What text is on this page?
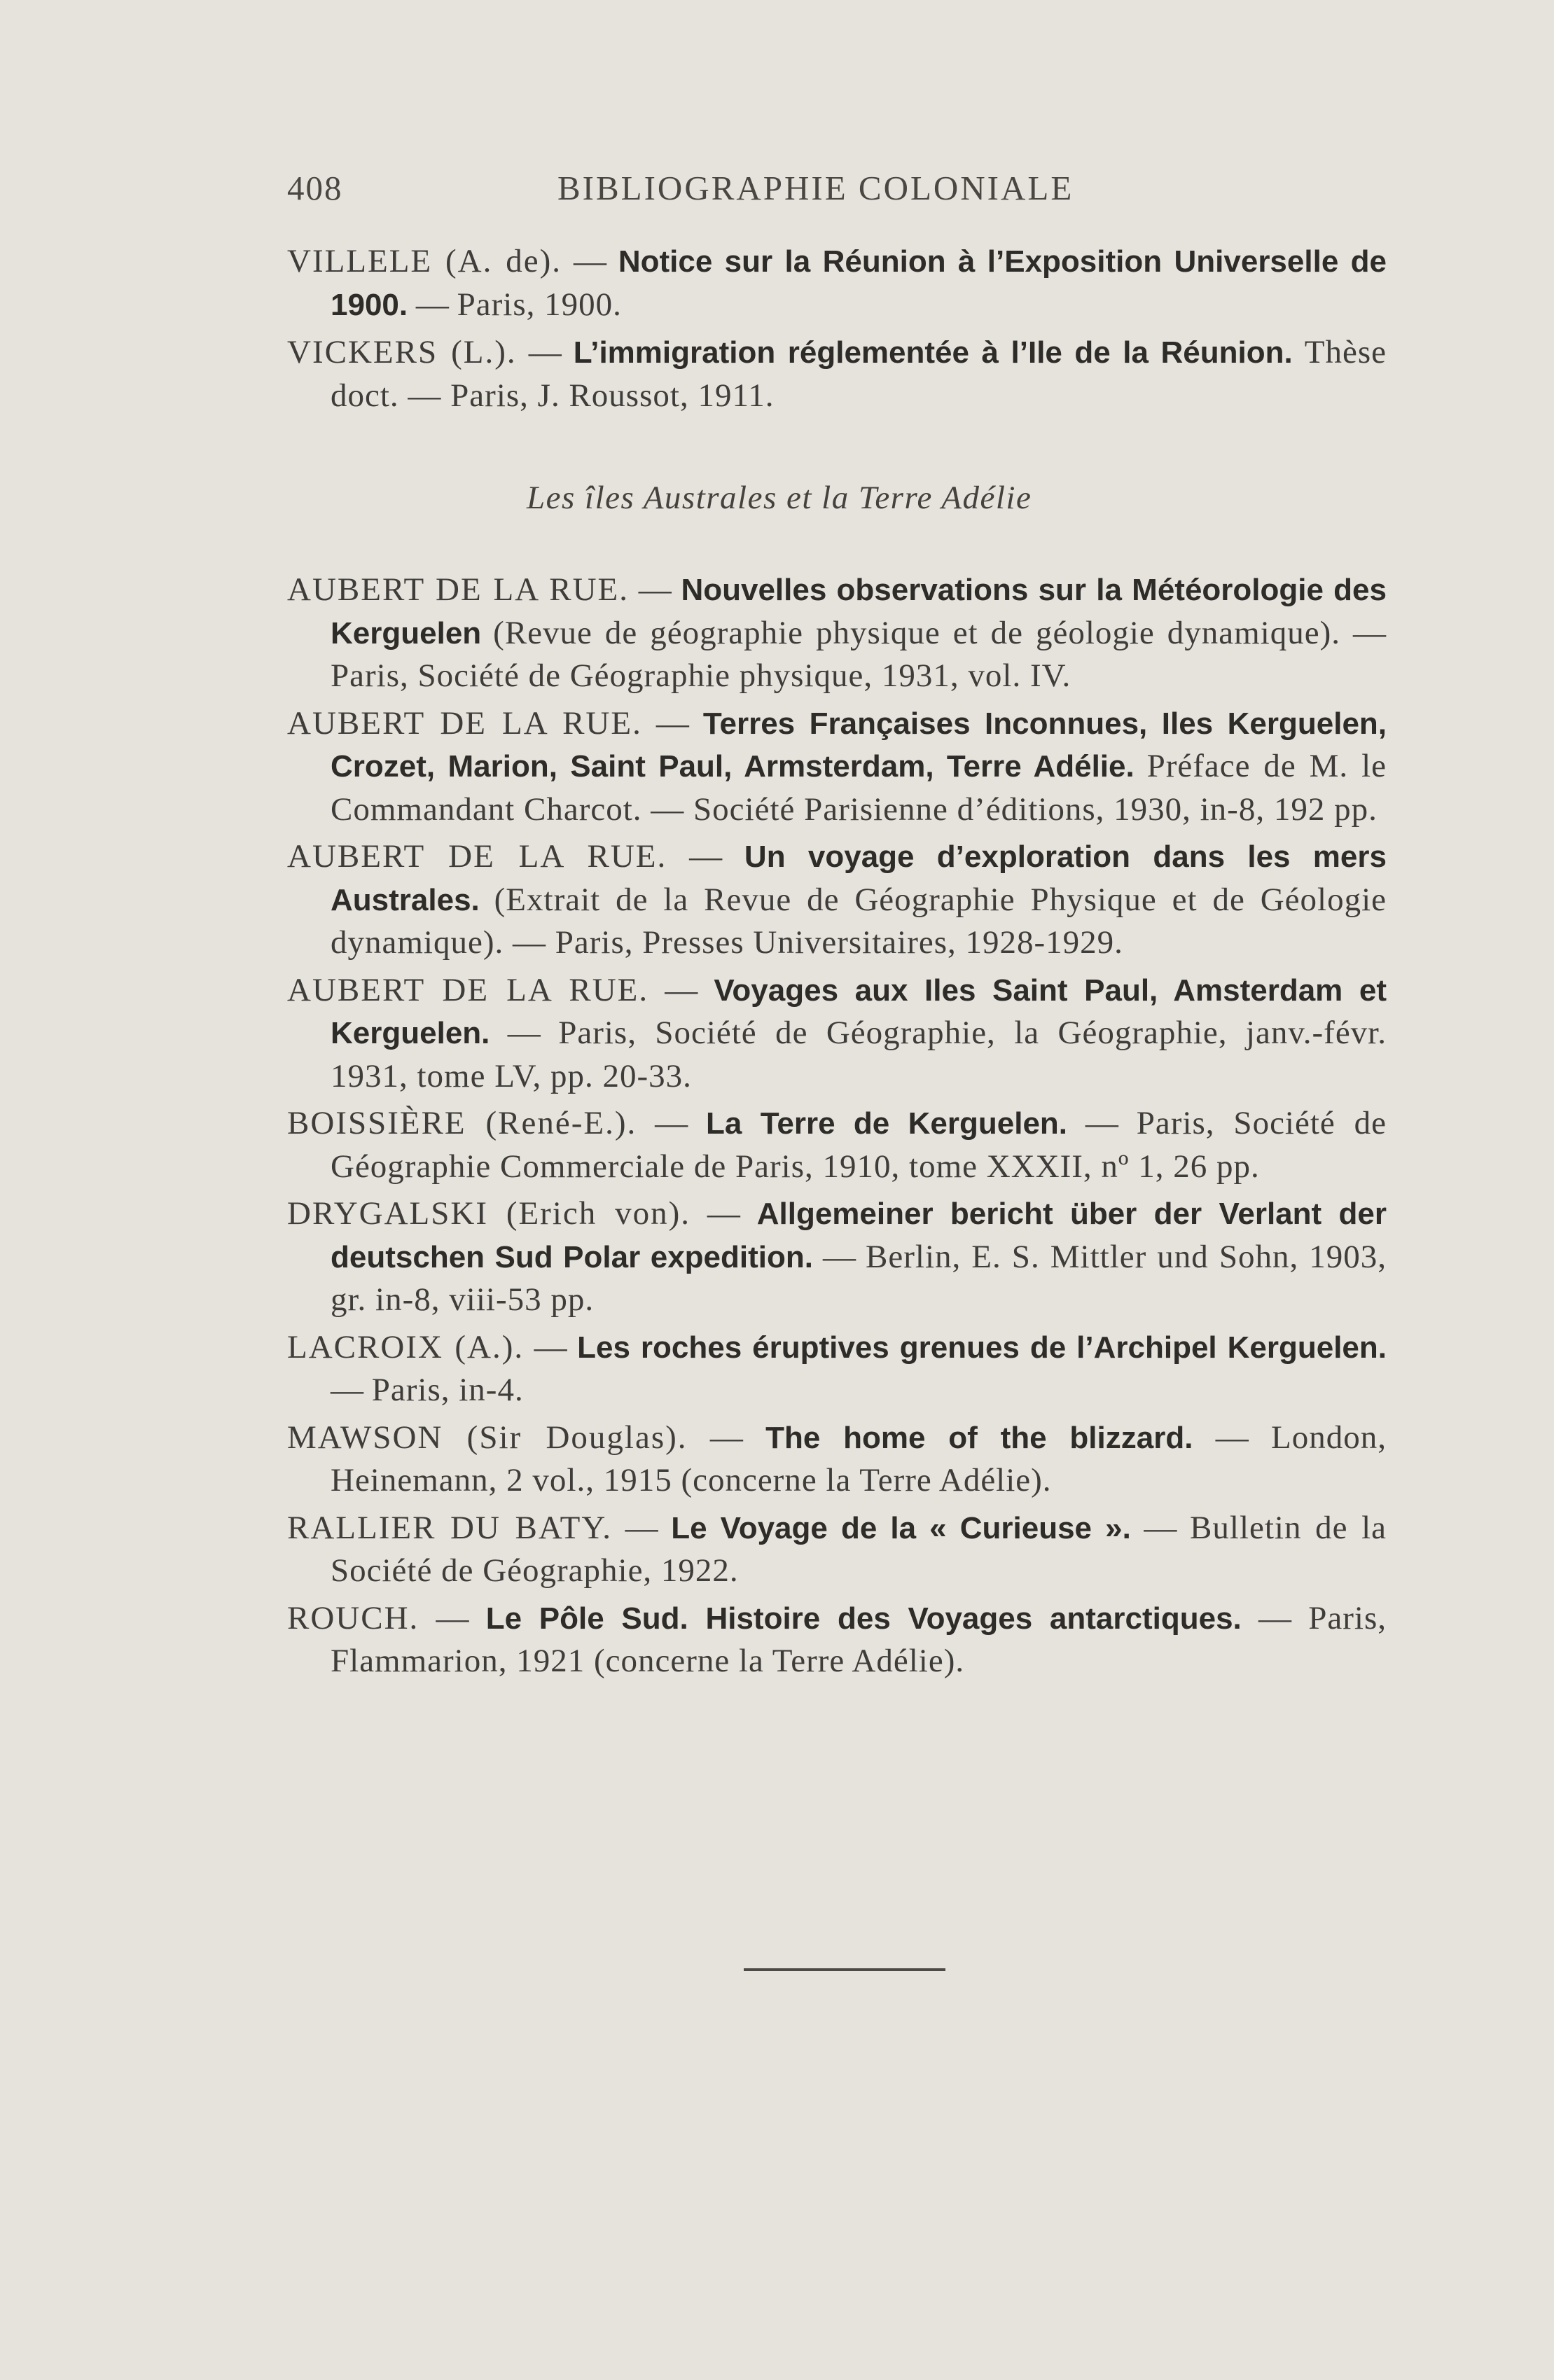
408	BIBLIOGRAPHIE COLONIALE

VILLELE (A. de). — Notice sur la Réunion à l’Exposition Universelle de 1900. — Paris, 1900.

VICKERS (L.). — L’immigration réglementée à l’Ile de la Réunion. Thèse doct. — Paris, J. Roussot, 1911.

Les îles Australes et la Terre Adélie

AUBERT DE LA RUE. — Nouvelles observations sur la Météorologie des Kerguelen (Revue de géographie physique et de géologie dynamique). — Paris, Société de Géographie physique, 1931, vol. IV.

AUBERT DE LA RUE. — Terres Françaises Inconnues, Iles Kerguelen, Crozet, Marion, Saint Paul, Armsterdam, Terre Adélie. Préface de M. le Commandant Charcot. — Société Parisienne d’éditions, 1930, in-8, 192 pp.

AUBERT DE LA RUE. — Un voyage d’exploration dans les mers Australes. (Extrait de la Revue de Géographie Physique et de Géologie dynamique). — Paris, Presses Universitaires, 1928-1929.

AUBERT DE LA RUE. — Voyages aux Iles Saint Paul, Amsterdam et Kerguelen. — Paris, Société de Géographie, la Géographie, janv.-févr. 1931, tome LV, pp. 20-33.

BOISSIÈRE (René-E.). — La Terre de Kerguelen. — Paris, Société de Géographie Commerciale de Paris, 1910, tome XXXII, nº 1, 26 pp.

DRYGALSKI (Erich von). — Allgemeiner bericht über der Verlant der deutschen Sud Polar expedition. — Berlin, E. S. Mittler und Sohn, 1903, gr. in-8, viii-53 pp.

LACROIX (A.). — Les roches éruptives grenues de l’Archipel Kerguelen. — Paris, in-4.

MAWSON (Sir Douglas). — The home of the blizzard. — London, Heinemann, 2 vol., 1915 (concerne la Terre Adélie).

RALLIER DU BATY. — Le Voyage de la « Curieuse ». — Bulletin de la Société de Géographie, 1922.

ROUCH. — Le Pôle Sud. Histoire des Voyages antarctiques. — Paris, Flammarion, 1921 (concerne la Terre Adélie).
